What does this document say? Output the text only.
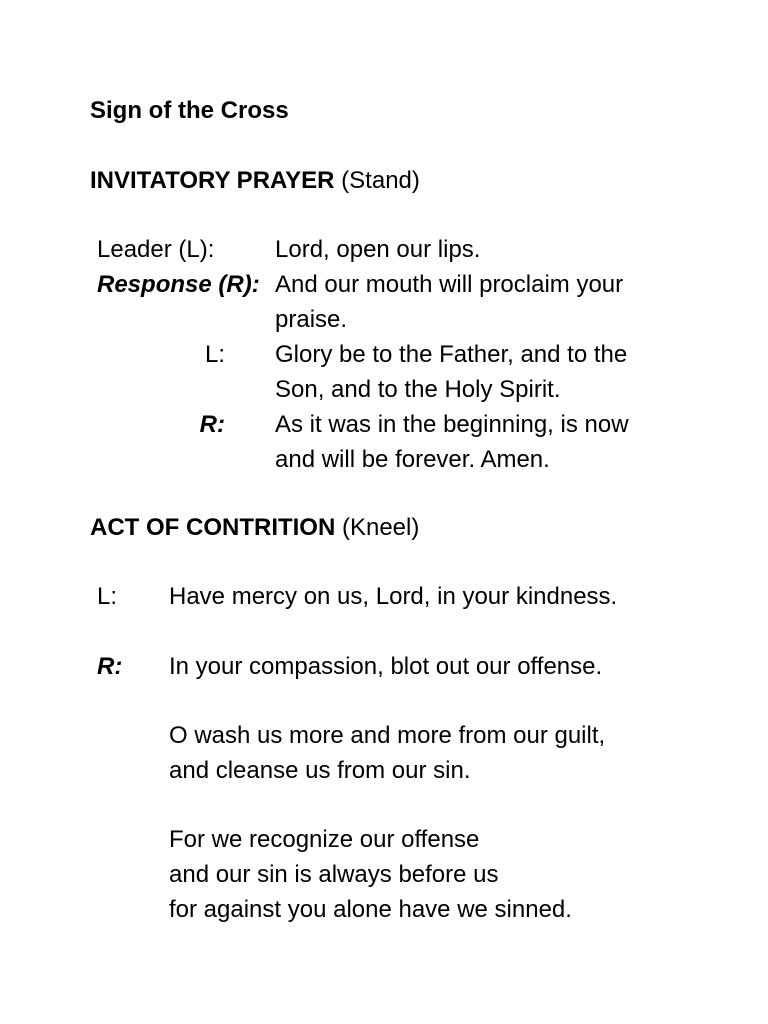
Sign of the Cross

INVITATORY PRAYER (Stand)

Leader (L):	Lord, open our lips.

Response (R): And our mouth will proclaim your
praise.

L: Glory be to the Father, and to the
Son, and to the Holy Spirit.

R: As it was in the beginning, is now
and will be forever. Amen.

ACT OF CONTRITION (Kneel)

L: Have mercy on us, Lord, in your kindness.

R: In your compassion, blot out our offense.

O wash us more and more from our guilt,
and cleanse us from our sin.
For we recognize our offense
and our sin is always before us
for against you alone have we sinned.
